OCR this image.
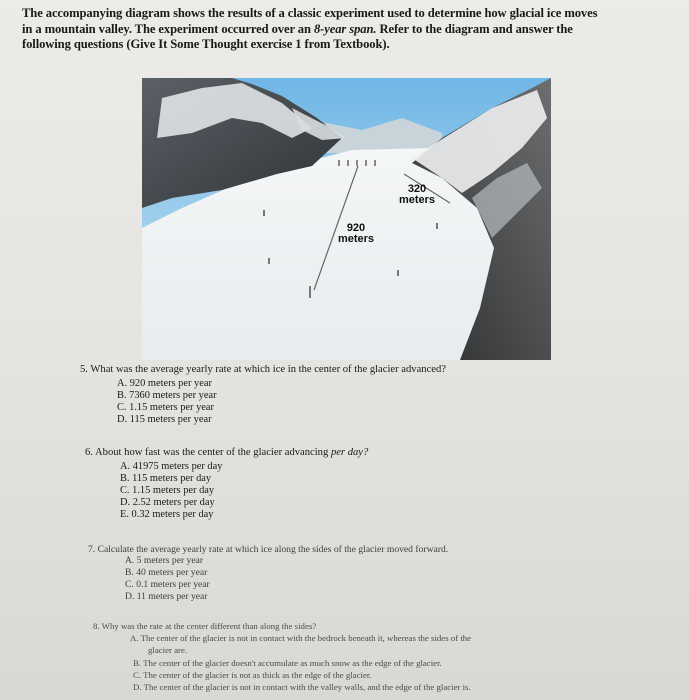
The accompanying diagram shows the results of a classic experiment used to determine how glacial ice moves
in a mountain valley. The experiment occurred over an 8-year span. Refer to the diagram and answer the
following questions (Give It Some Thought exercise 1 from Textbook).
320
meters
920
meters
5. What was the average yearly rate at which ice in the center of the glacier advanced?
A. 920 meters per year
B. 7360 meters per year
C. 1.15 meters per year
D. 115 meters per year
6. About how fast was the center of the glacier advancing per day?
A. 41975 meters per day
B. 115 meters per day
C. 1.15 meters per day
D. 2.52 meters per day
E. 0.32 meters per day
7. Calculate the average yearly rate at which ice along the sides of the glacier moved forward.
A. 5 meters per year
B. 40 meters per year
C. 0.1 meters per year
D. 11 meters per year
8. Why was the rate at the center different than along the sides?
A. The center of the glacier is not in contact with the bedrock beneath it, whereas the sides of the
glacier are.
B. The center of the glacier doesn't accumulate as much snow as the edge of the glacier.
C. The center of the glacier is not as thick as the edge of the glacier.
D. The center of the glacier is not in contact with the valley walls, and the edge of the glacier is.
